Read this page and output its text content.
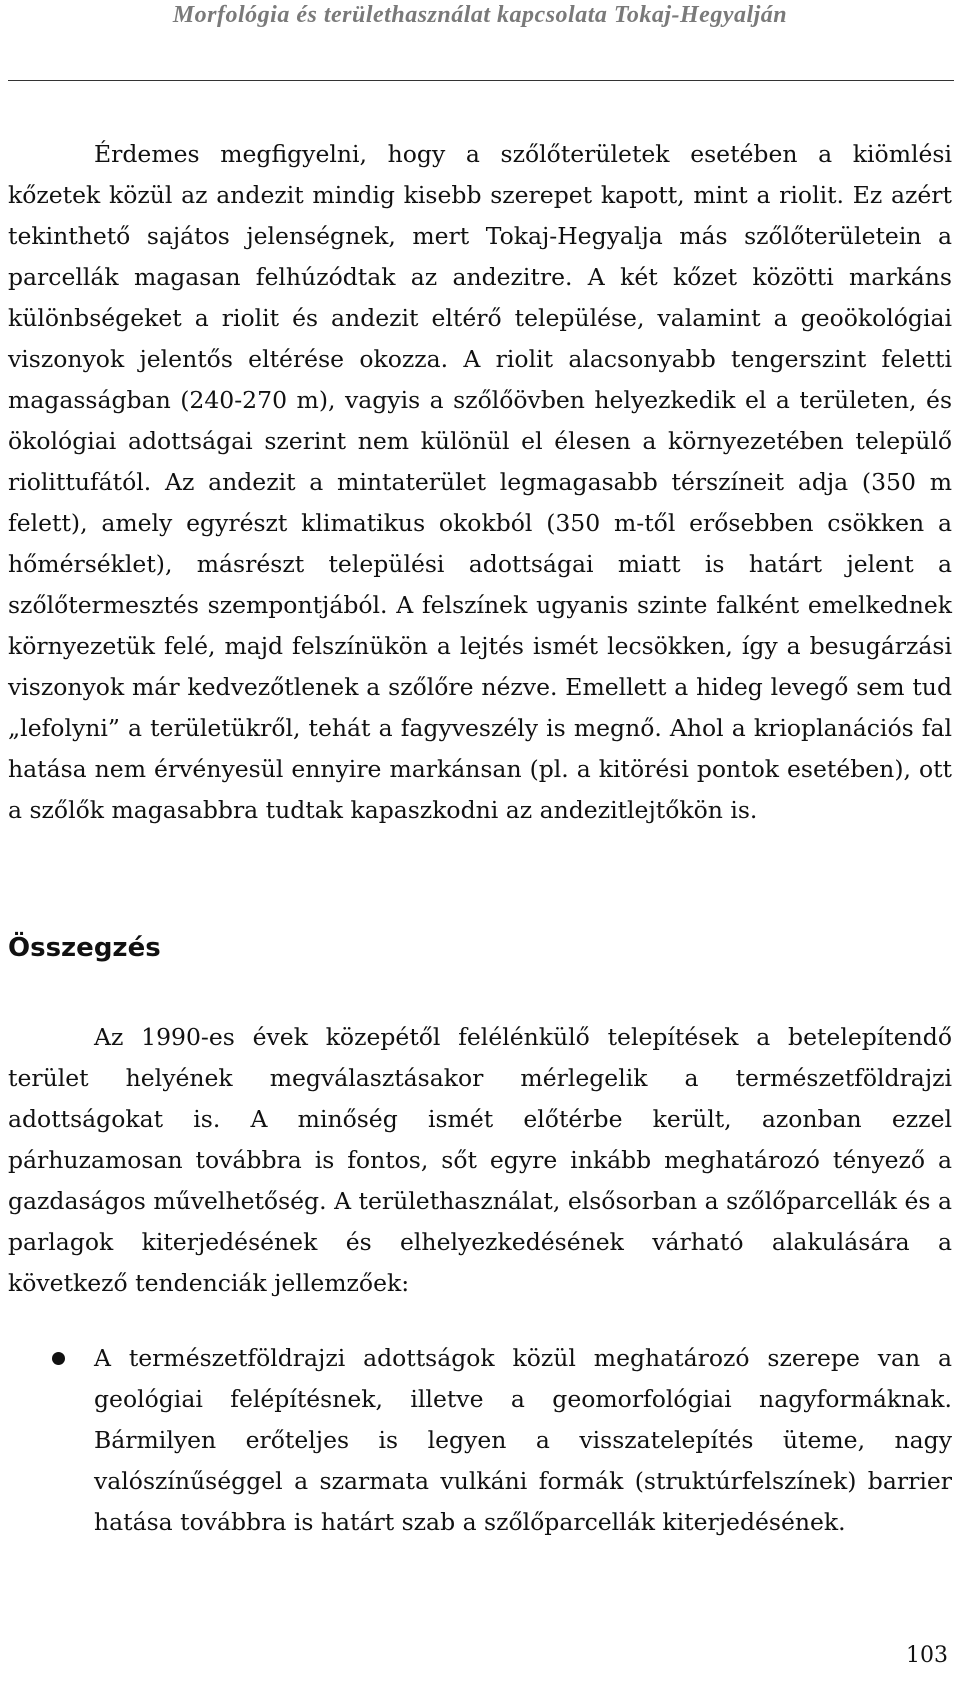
Morfológia és területhasználat kapcsolata Tokaj-Hegyalján

Érdemes megfigyelni, hogy a szőlőterületek esetében a kiömlési kőzetek közül az andezit mindig kisebb szerepet kapott, mint a riolit. Ez azért tekinthető sajátos jelenségnek, mert Tokaj-Hegyalja más szőlőterületein a parcellák magasan felhúzódtak az andezitre. A két kőzet közötti markáns különbségeket a riolit és andezit eltérő települése, valamint a geoökológiai viszonyok jelentős eltérése okozza. A riolit alacsonyabb tengerszint feletti magasságban (240-270 m), vagyis a szőlőövben helyezkedik el a területen, és ökológiai adottságai szerint nem különül el élesen a környezetében települő riolittufától. Az andezit a mintaterület legmagasabb térszíneit adja (350 m felett), amely egyrészt klimatikus okokból (350 m-től erősebben csökken a hőmérséklet), másrészt települési adottságai miatt is határt jelent a szőlőtermesztés szempontjából. A felszínek ugyanis szinte falként emelkednek környezetük felé, majd felszínükön a lejtés ismét lecsökken, így a besugárzási viszonyok már kedvezőtlenek a szőlőre nézve. Emellett a hideg levegő sem tud „lefolyni” a területükről, tehát a fagyveszély is megnő. Ahol a krioplanációs fal hatása nem érvényesül ennyire markánsan (pl. a kitörési pontok esetében), ott a szőlők magasabbra tudtak kapaszkodni az andezitlejtőkön is.

Összegzés

Az 1990-es évek közepétől felélénkülő telepítések a betelepítendő terület helyének megválasztásakor mérlegelik a természetföldrajzi adottságokat is. A minőség ismét előtérbe került, azonban ezzel párhuzamosan továbbra is fontos, sőt egyre inkább meghatározó tényező a gazdaságos művelhetőség. A területhasználat, elsősorban a szőlőparcellák és a parlagok kiterjedésének és elhelyezkedésének várható alakulására a következő tendenciák jellemzőek:

A természetföldrajzi adottságok közül meghatározó szerepe van a geológiai felépítésnek, illetve a geomorfológiai nagyformáknak. Bármilyen erőteljes is legyen a visszatelepítés üteme, nagy valószínűséggel a szarmata vulkáni formák (struktúrfelszínek) barrier hatása továbbra is határt szab a szőlőparcellák kiterjedésének.
103
